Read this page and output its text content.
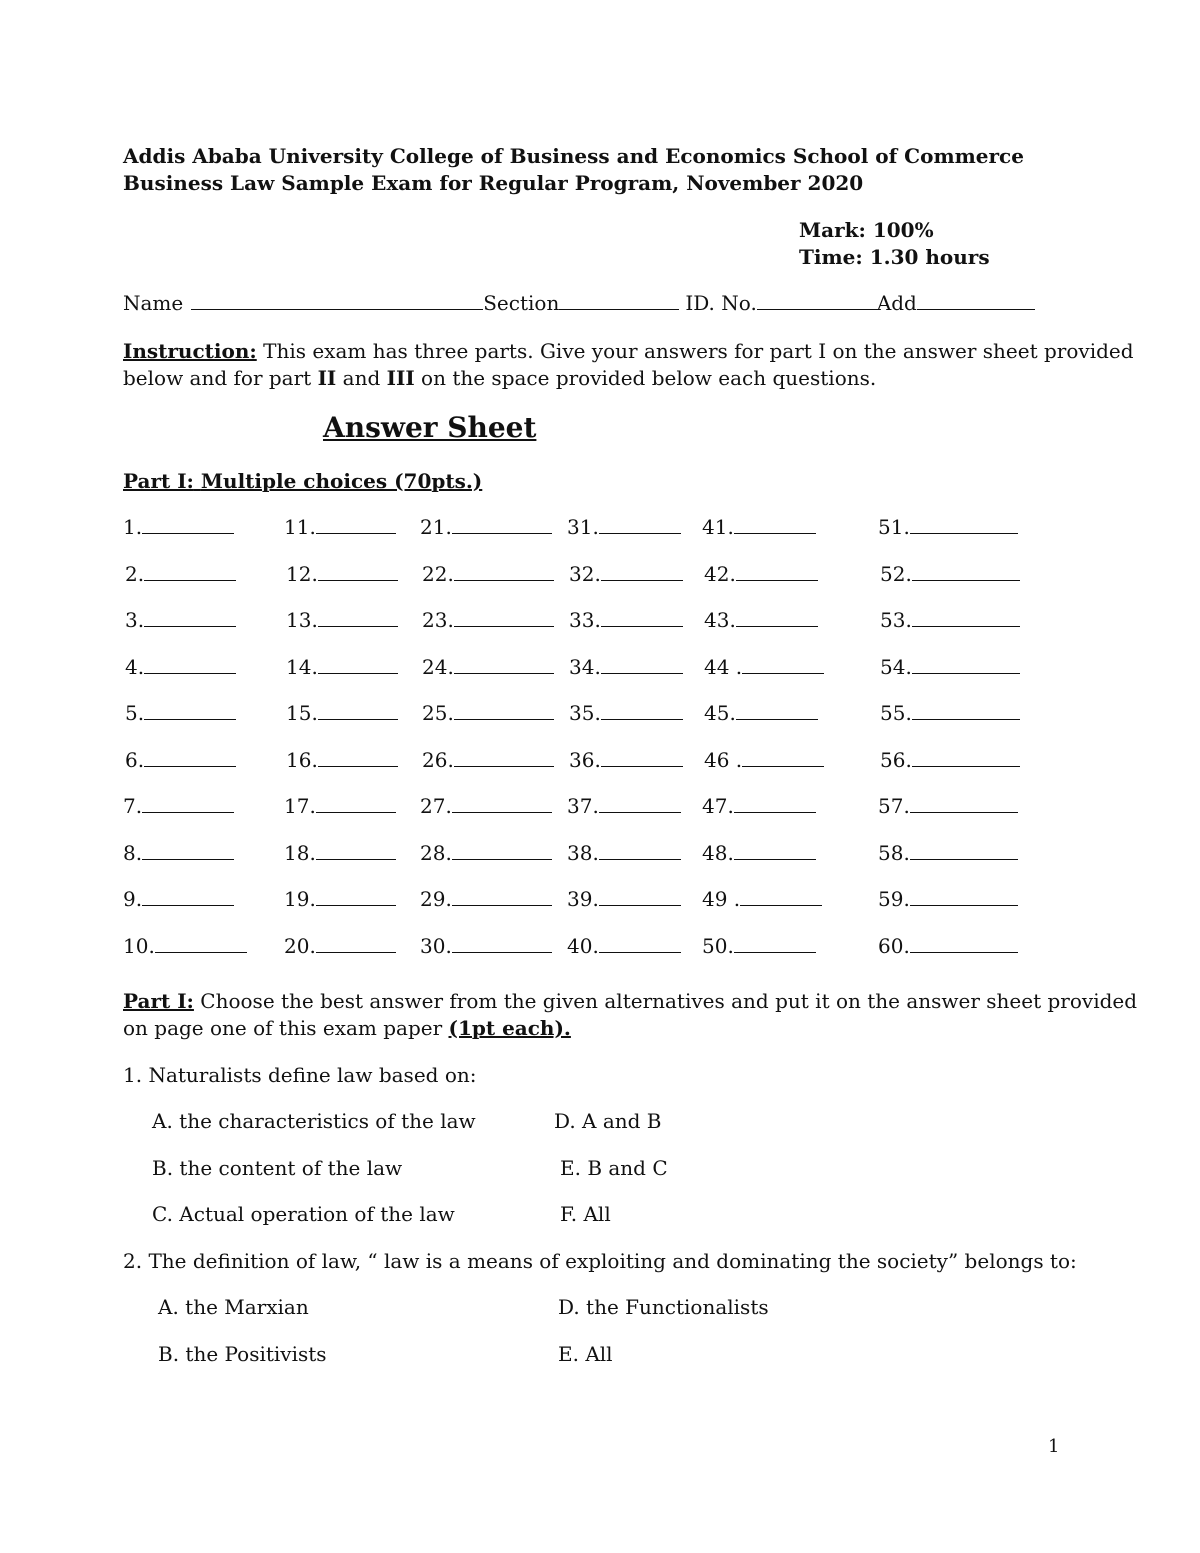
Addis Ababa University College of Business and Economics School of Commerce
Business Law Sample Exam for Regular Program, November 2020
Mark: 100%
Time: 1.30 hours
Name	Section	ID. No.	Add
Instruction: This exam has three parts. Give your answers for part I on the answer sheet provided
below and for part II and III on the space provided below each questions.
Answer Sheet
Part I: Multiple choices (70pts.)
1.	11.	21.	31.	41.	51.
2.	12.	22.	32.	42.	52.
3.	13.	23.	33.	43.	53.
4.	14.	24.	34.	44 .	54.
5.	15.	25.	35.	45.	55.
6.	16.	26.	36.	46 .	56.
7.	17.	27.	37.	47.	57.
8.	18.	28.	38.	48.	58.
9.	19.	29.	39.	49 .	59.
10.	20.	30.	40.	50.	60.
Part I: Choose the best answer from the given alternatives and put it on the answer sheet provided
on page one of this exam paper (1pt each).
1. Naturalists define law based on:
A. the characteristics of the law	D. A and B
B. the content of the law	E. B and C
C. Actual operation of the law	F. All
2. The definition of law, “ law is a means of exploiting and dominating the society” belongs to:
A. the Marxian	D. the Functionalists
B. the Positivists	E. All
1
